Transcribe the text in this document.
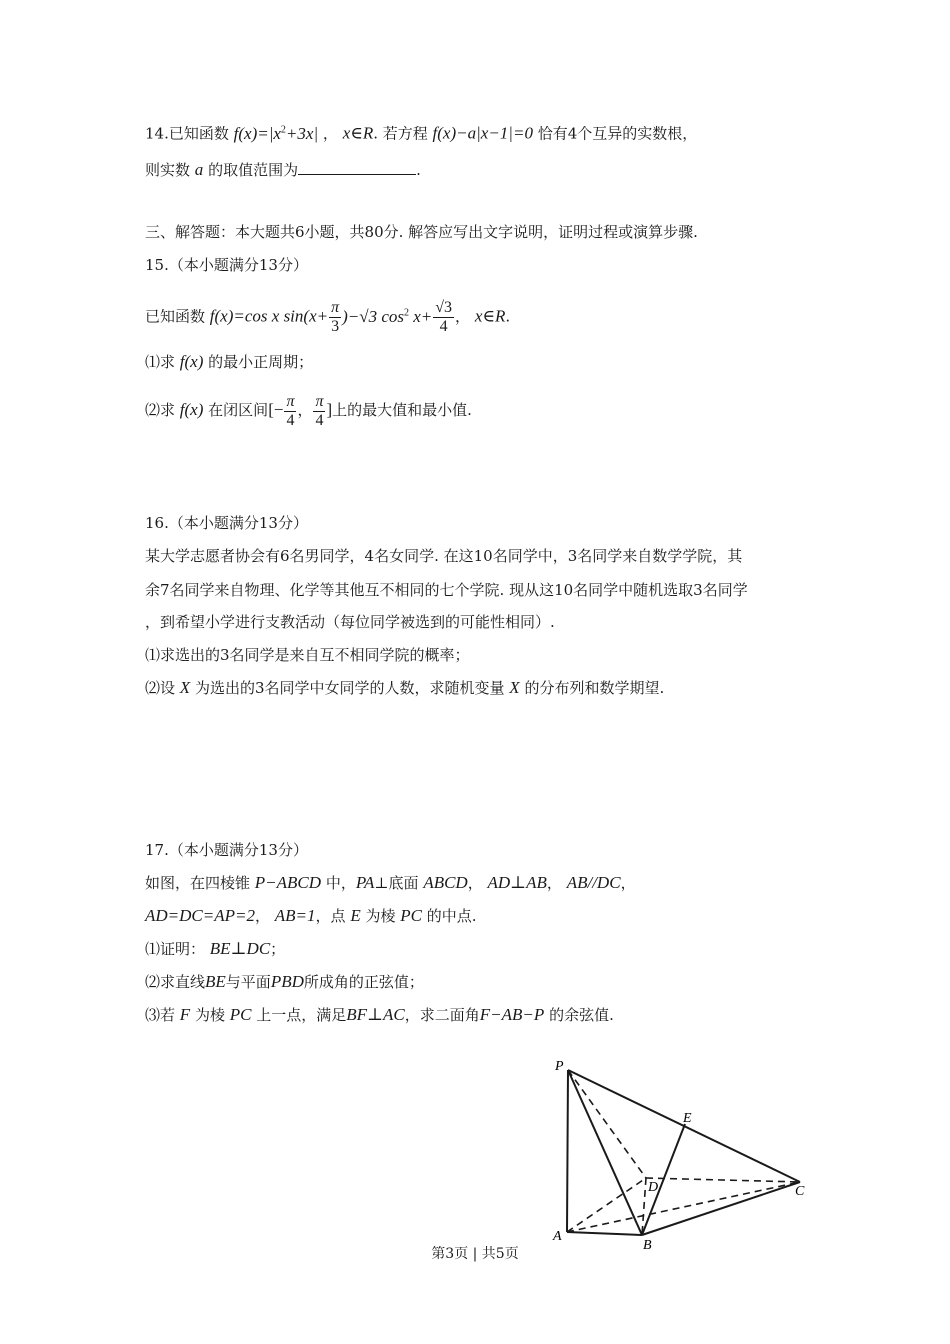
14.已知函数 $f(x)=|x^2+3x|$ ， x∈R. 若方程 f(x)−a|x−1|=0 恰有4个互异的实数根，
则实数 a 的取值范围为	.
三、解答题：本大题共6小题，共80分. 解答应写出文字说明，证明过程或演算步骤.
15.（本小题满分13分）
已知函数 f(x)=cos x $\sin(x+ \frac{\pi}{3} )-√3$ $\cos^2 x+ \frac{√3}{4}$ ， x∈R.
⑴求 f(x) 的最小正周期；
⑵求 f(x) 在闭区间[− $\frac{\pi}{4}$ ， $\frac{\pi}{4}$ ]上的最大值和最小值.
16.（本小题满分13分）
某大学志愿者协会有6名男同学，4名女同学. 在这10名同学中，3名同学来自数学学院，其
余7名同学来自物理、化学等其他互不相同的七个学院. 现从这10名同学中随机选取3名同学
，到希望小学进行支教活动（每位同学被选到的可能性相同）.
⑴求选出的3名同学是来自互不相同学院的概率；
⑵设 X 为选出的3名同学中女同学的人数，求随机变量 X 的分布列和数学期望.
17.（本小题满分13分）
如图，在四棱锥 P−ABCD 中，PA⊥底面 ABCD， AD⊥AB， AB//DC，
AD=DC=AP=2， AB=1，点 E 为棱 PC 的中点.
⑴证明： BE⊥DC；
⑵求直线BE与平面PBD所成角的正弦值；
⑶若 F 为棱 PC 上一点，满足BF⊥AC，求二面角F−AB−P 的余弦值.
P
E
D	C
A
B
第3页 | 共5页
